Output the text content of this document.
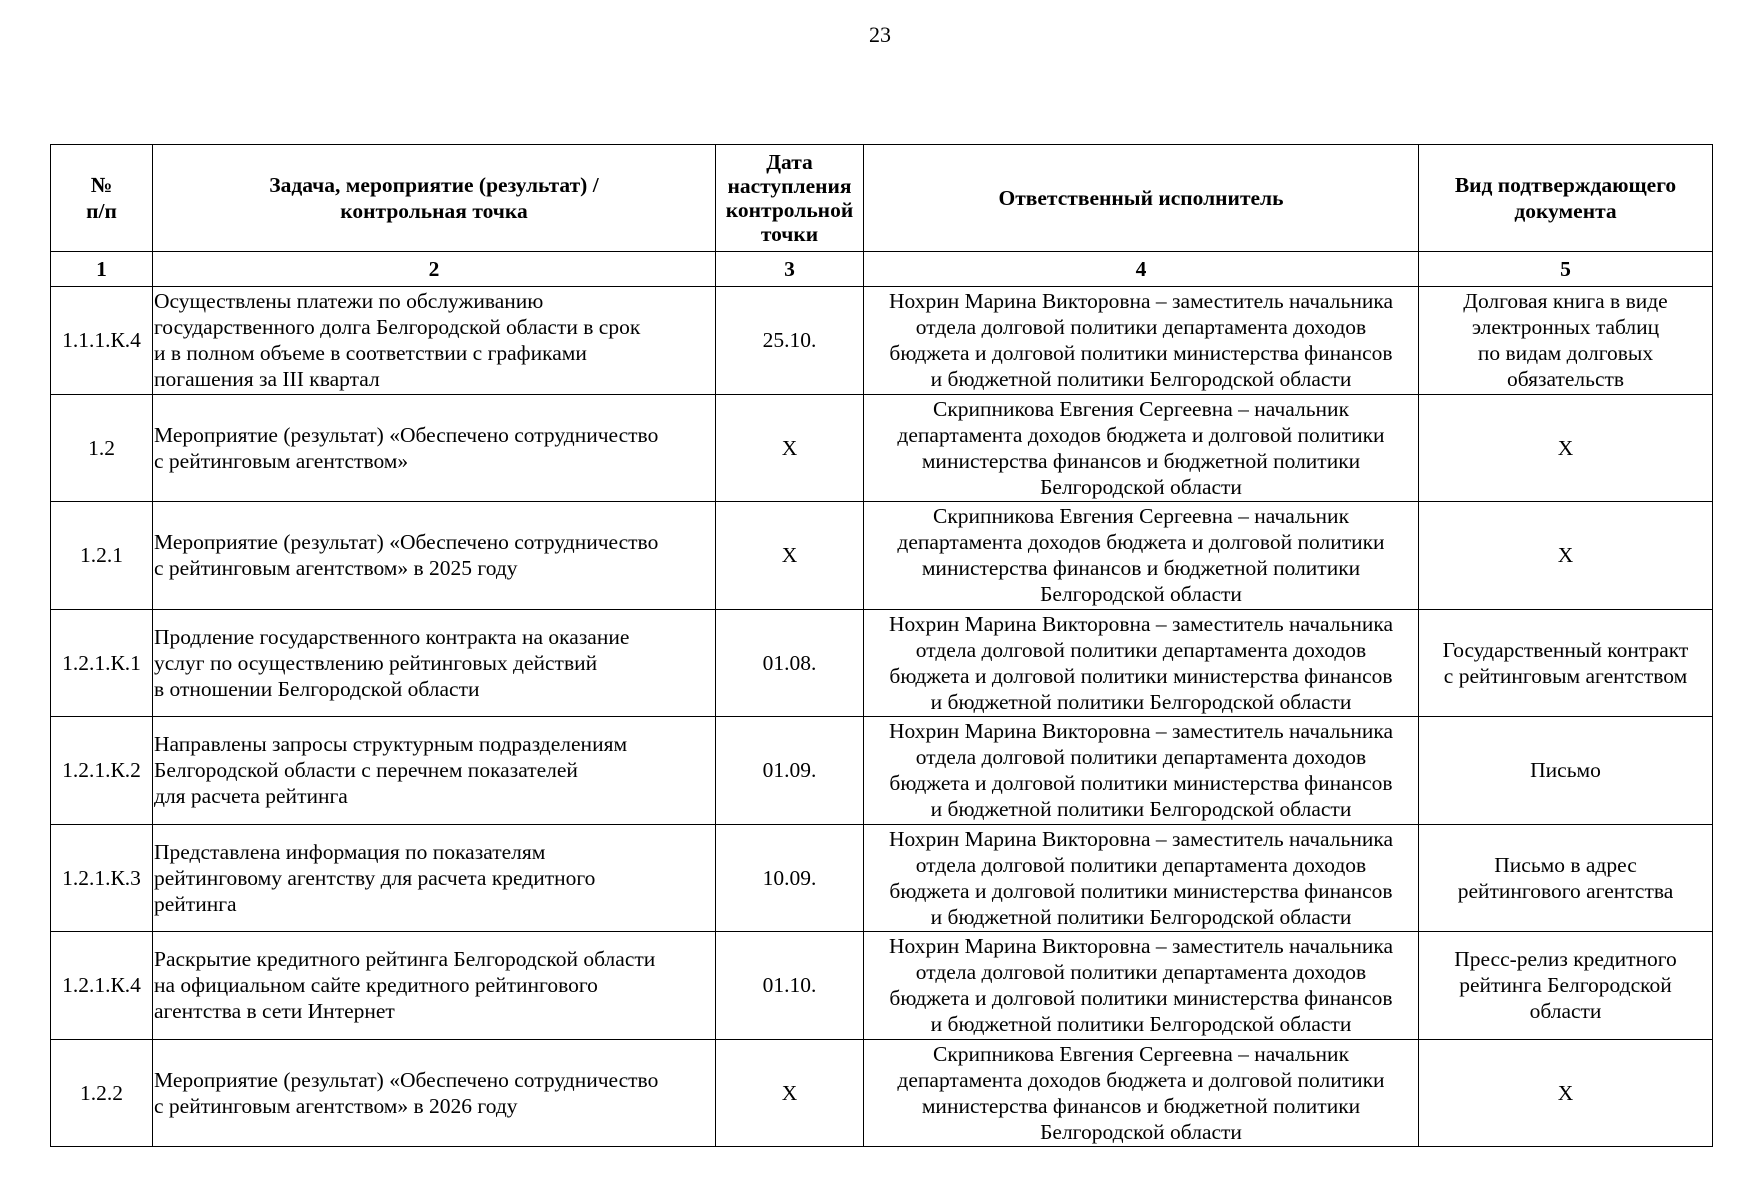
23
№
п/п	Задача, мероприятие (результат) /
контрольная точка	Дата
наступления
контрольной
точки	Ответственный исполнитель	Вид подтверждающего
документа
1	2	3	4	5
1.1.1.К.4	Осуществлены платежи по обслуживанию
государственного долга Белгородской области в срок
и в полном объеме в соответствии с графиками
погашения за III квартал	25.10.	Нохрин Марина Викторовна – заместитель начальника
отдела долговой политики департамента доходов
бюджета и долговой политики министерства финансов
и бюджетной политики Белгородской области	Долговая книга в виде
электронных таблиц
по видам долговых
обязательств
1.2	Мероприятие (результат) «Обеспечено сотрудничество
с рейтинговым агентством»	Х	Скрипникова Евгения Сергеевна – начальник
департамента доходов бюджета и долговой политики
министерства финансов и бюджетной политики
Белгородской области	Х
1.2.1	Мероприятие (результат) «Обеспечено сотрудничество
с рейтинговым агентством» в 2025 году	Х	Скрипникова Евгения Сергеевна – начальник
департамента доходов бюджета и долговой политики
министерства финансов и бюджетной политики
Белгородской области	Х
1.2.1.К.1	Продление государственного контракта на оказание
услуг по осуществлению рейтинговых действий
в отношении Белгородской области	01.08.	Нохрин Марина Викторовна – заместитель начальника
отдела долговой политики департамента доходов
бюджета и долговой политики министерства финансов
и бюджетной политики Белгородской области	Государственный контракт
с рейтинговым агентством
1.2.1.К.2	Направлены запросы структурным подразделениям
Белгородской области с перечнем показателей
для расчета рейтинга	01.09.	Нохрин Марина Викторовна – заместитель начальника
отдела долговой политики департамента доходов
бюджета и долговой политики министерства финансов
и бюджетной политики Белгородской области	Письмо
1.2.1.К.3	Представлена информация по показателям
рейтинговому агентству для расчета кредитного
рейтинга	10.09.	Нохрин Марина Викторовна – заместитель начальника
отдела долговой политики департамента доходов
бюджета и долговой политики министерства финансов
и бюджетной политики Белгородской области	Письмо в адрес
рейтингового агентства
1.2.1.К.4	Раскрытие кредитного рейтинга Белгородской области
на официальном сайте кредитного рейтингового
агентства в сети Интернет	01.10.	Нохрин Марина Викторовна – заместитель начальника
отдела долговой политики департамента доходов
бюджета и долговой политики министерства финансов
и бюджетной политики Белгородской области	Пресс-релиз кредитного
рейтинга Белгородской
области
1.2.2	Мероприятие (результат) «Обеспечено сотрудничество
с рейтинговым агентством» в 2026 году	Х	Скрипникова Евгения Сергеевна – начальник
департамента доходов бюджета и долговой политики
министерства финансов и бюджетной политики
Белгородской области	Х
